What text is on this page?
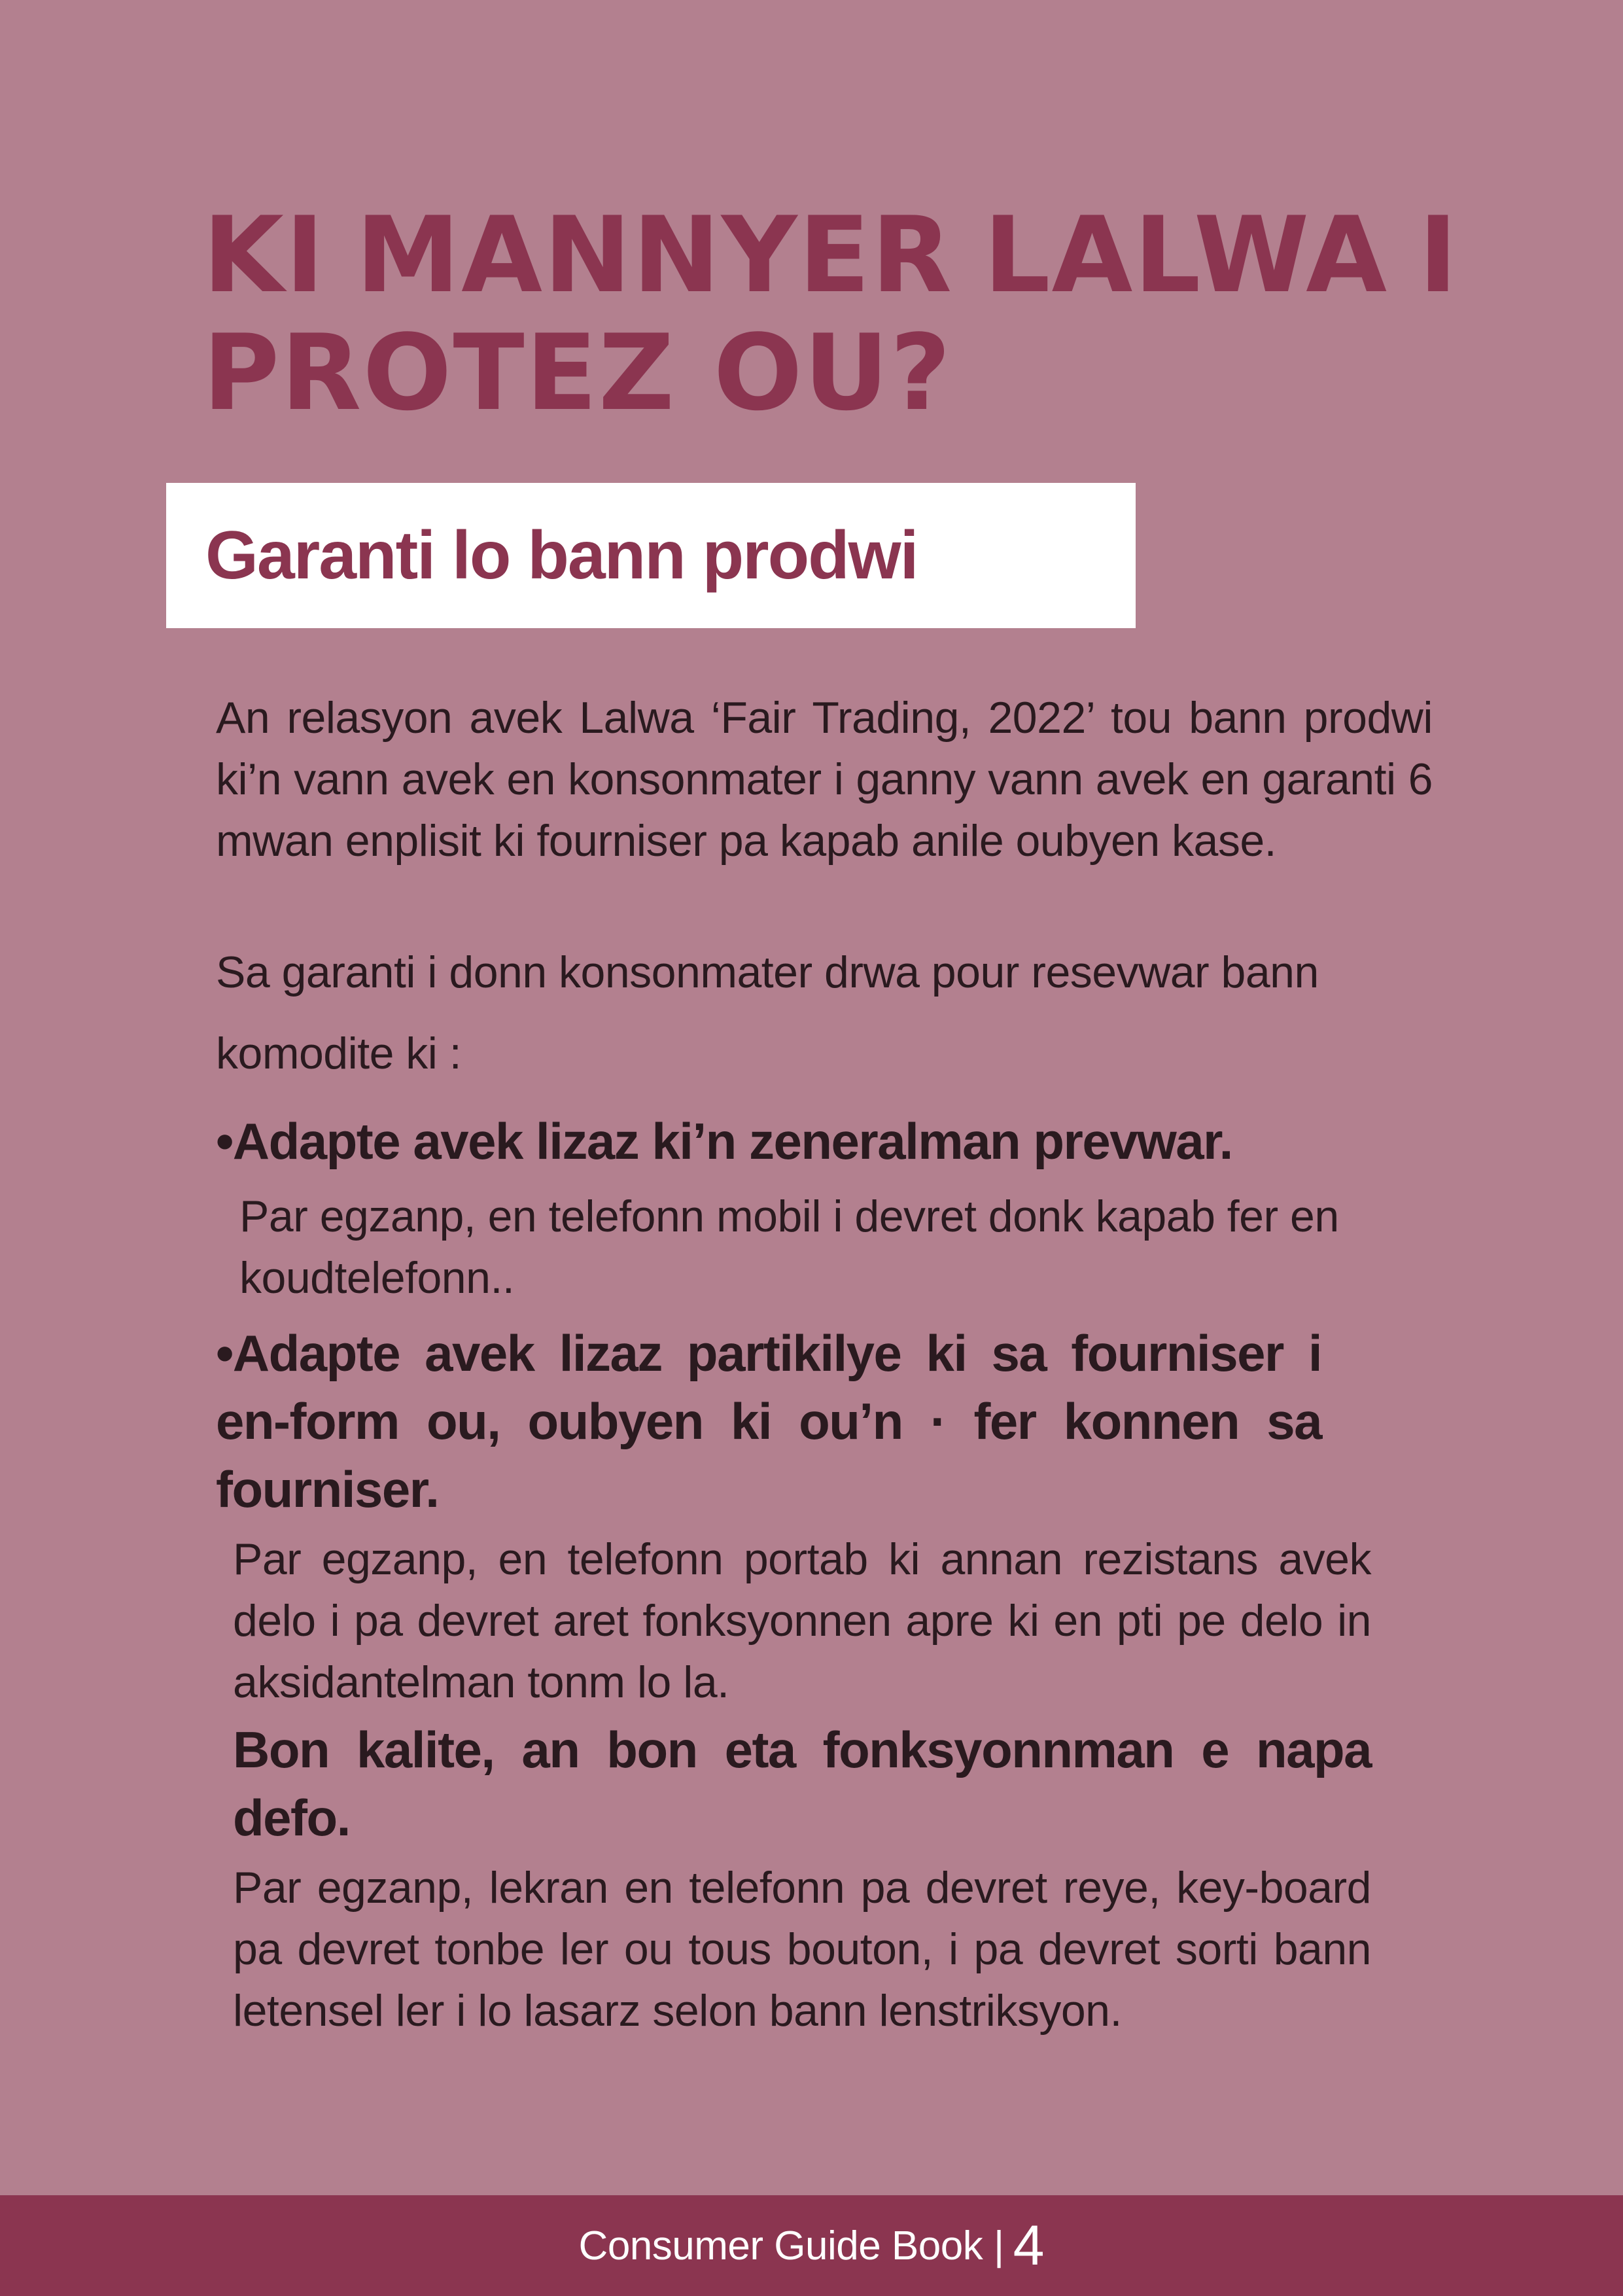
KI MANNYER LALWA I
PROTEZ OU?
Garanti lo bann prodwi

An relasyon avek Lalwa ‘Fair Trading, 2022’ tou bann prodwi ki’n vann avek en konsonmater i ganny vann avek en garanti 6 mwan enplisit ki fourniser pa kapab anile oubyen kase.

Sa garanti i donn konsonmater drwa pour resevwar bann komodite ki :

•Adapte avek lizaz ki’n zeneralman prevwar.

Par egzanp, en telefonn mobil i devret donk kapab fer en koudtelefonn..

•Adapte avek lizaz partikilye ki sa fourniser i en-form ou, oubyen ki ou’n · fer konnen sa fourniser.

Par egzanp, en telefonn portab ki annan rezistans avek delo i pa devret aret fonksyonnen apre ki en pti pe delo in aksidantelman tonm lo la.

Bon kalite, an bon eta fonksyonnman e napa defo.

Par egzanp, lekran en telefonn pa devret reye, key-board pa devret tonbe ler ou tous bouton, i pa devret sorti bann letensel ler i lo lasarz selon bann lenstriksyon.

Consumer Guide Book | 4
